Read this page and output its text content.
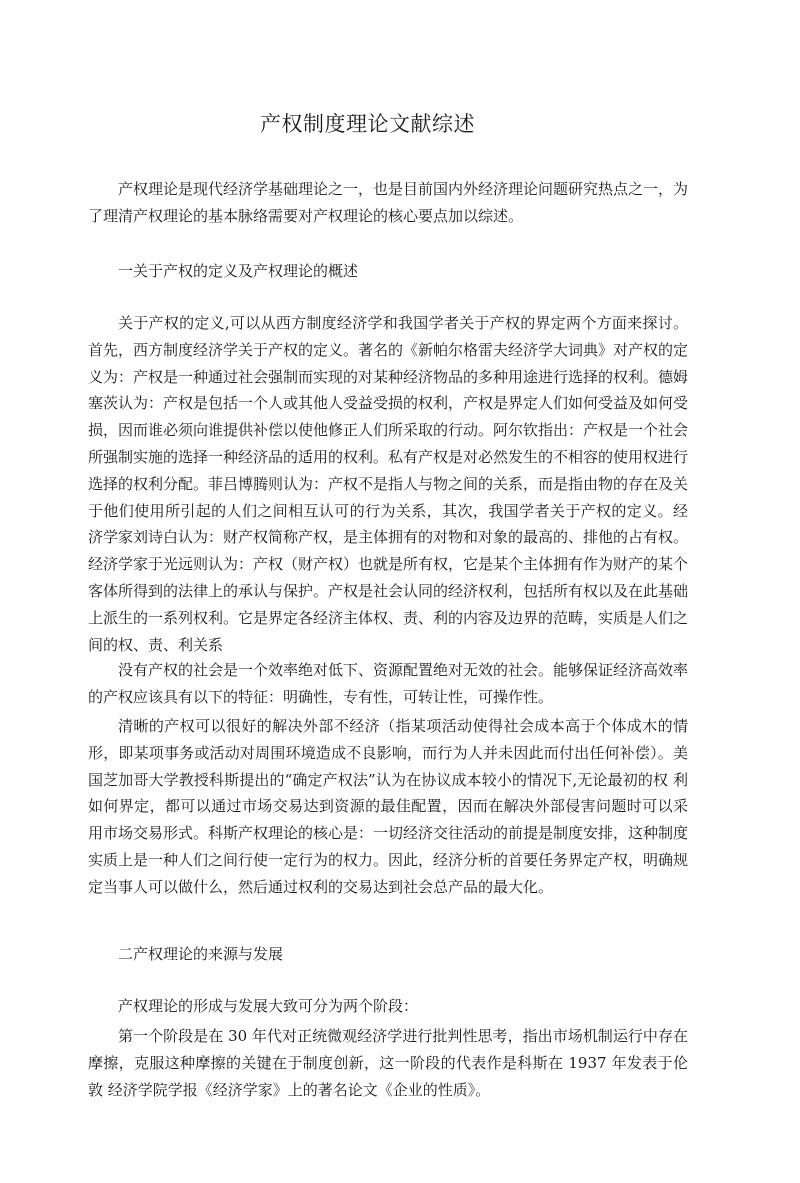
产权制度理论文献综述

产权理论是现代经济学基础理论之一，也是目前国内外经济理论问题研究热点之一，为 了理清产权理论的基本脉络需要对产权理论的核心要点加以综述。

一关于产权的定义及产权理论的概述

关于产权的定义,可以从西方制度经济学和我国学者关于产权的界定两个方面来探讨。 首先，西方制度经济学关于产权的定义。著名的《新帕尔格雷夫经济学大词典》对产权的定 义为：产权是一种通过社会强制而实现的对某种经济物品的多种用途进行选择的权利。德姆 塞茨认为：产权是包括一个人或其他人受益受损的权利，产权是界定人们如何受益及如何受 损，因而谁必须向谁提供补偿以使他修正人们所采取的行动。阿尔钦指出：产权是一个社会 所强制实施的选择一种经济品的适用的权利。私有产权是对必然发生的不相容的使用权进行 选择的权利分配。菲吕博腾则认为：产权不是指人与物之间的关系，而是指由物的存在及关 于他们使用所引起的人们之间相互认可的行为关系，其次，我国学者关于产权的定义。经 济学家刘诗白认为：财产权简称产权，是主体拥有的对物和对象的最高的、排他的占有权。 经济学家于光远则认为：产权（财产权）也就是所有权，它是某个主体拥有作为财产的某个 客体所得到的法律上的承认与保护。产权是社会认同的经济权利，包括所有权以及在此基础 上派生的一系列权利。它是界定各经济主体权、责、利的内容及边界的范畴，实质是人们之 间的权、责、利关系

没有产权的社会是一个效率绝对低下、资源配置绝对无效的社会。能够保证经济高效率 的产权应该具有以下的特征：明确性，专有性，可转让性，可操作性。

清晰的产权可以很好的解决外部不经济（指某项活动使得社会成本高于个体成木的情 形，即某项事务或活动对周围环境造成不良影响，而行为人并未因此而付出任何补偿）。美 国芝加哥大学教授科斯提出的“确定产权法”认为在协议成本较小的情况下,无论最初的权 利如何界定，都可以通过市场交易达到资源的最佳配置，因而在解决外部侵害问题时可以采 用市场交易形式。科斯产权理论的核心是：一切经济交往活动的前提是制度安排，这种制度 实质上是一种人们之间行使一定行为的权力。因此，经济分析的首要任务界定产权，明确规 定当事人可以做什么，然后通过权利的交易达到社会总产品的最大化。

二产权理论的来源与发展

产权理论的形成与发展大致可分为两个阶段：

第一个阶段是在 30 年代对正统微观经济学进行批判性思考，指出市场机制运行中存在 摩擦，克服这种摩擦的关键在于制度创新，这一阶段的代表作是科斯在 1937 年发表于伦敦 经济学院学报《经济学家》上的著名论文《企业的性质》。
